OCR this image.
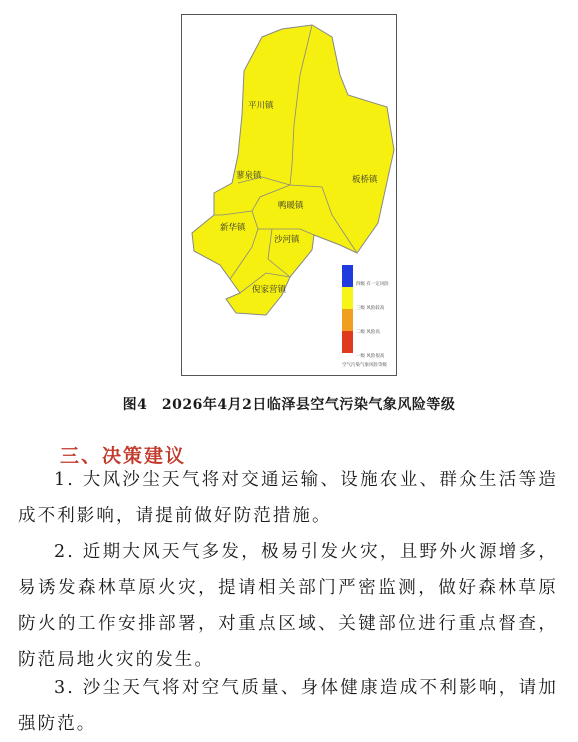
平川镇
蓼泉镇	板桥镇
鸭暖镇
新华镇
沙河镇
倪家营镇
四级 有一定风险
三级 风险较高
二级 风险高
一级 风险很高
空气污染气象风险等级
图4　2026年4月2日临泽县空气污染气象风险等级
三、决策建议

1. 大风沙尘天气将对交通运输、设施农业、群众生活等造成不利影响，请提前做好防范措施。

2. 近期大风天气多发，极易引发火灾，且野外火源增多，易诱发森林草原火灾，提请相关部门严密监测，做好森林草原防火的工作安排部署，对重点区域、关键部位进行重点督查，防范局地火灾的发生。

3. 沙尘天气将对空气质量、身体健康造成不利影响，请加强防范。
